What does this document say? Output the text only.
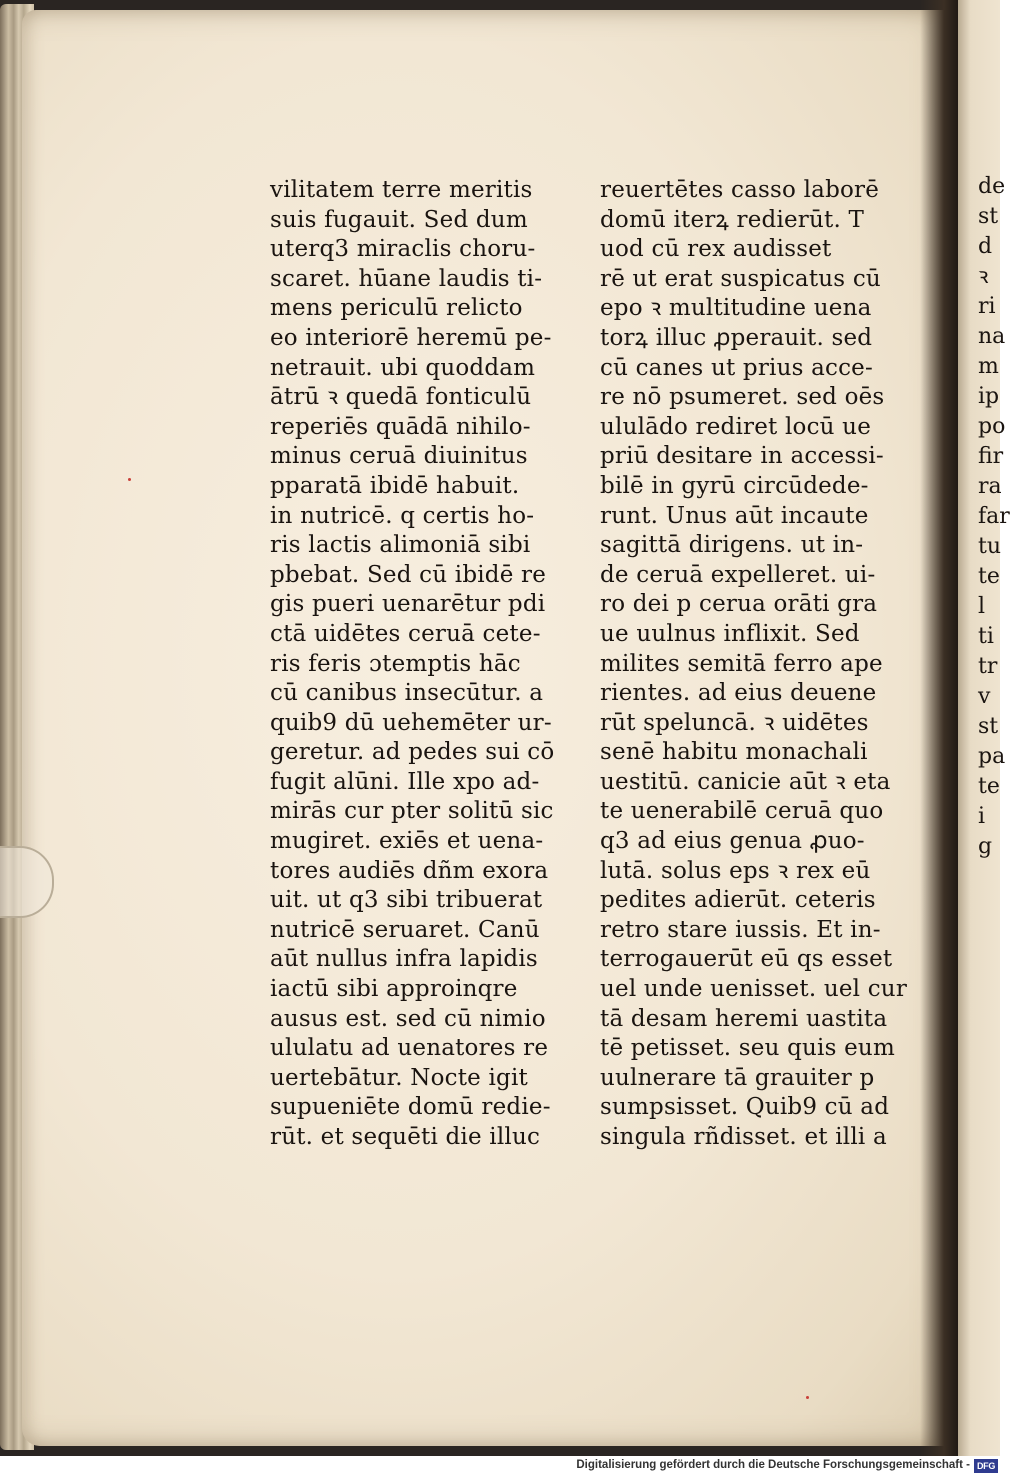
vilitatem terre meritis
suis fugauit. Sed dum
uterq3 miraclis choru-
scaret. hūane laudis ti-
mens periculū relicto
eo interiorē heremū pe-
netrauit. ubi quoddam
ātrū ꝛ quedā fonticulū
reperiēs quādā nihilo-
minus ceruā diuinitus
pparatā ibidē habuit.
in nutricē. q certis ho-
ris lactis alimoniā sibi
pbebat. Sed cū ibidē re
gis pueri uenarētur pdi
ctā uidētes ceruā cete-
ris feris ɔtemptis hāc
cū canibus insecūtur. a
quib9 dū uehemēter ur-
geretur. ad pedes sui cō
fugit alūni. Ille xpo ad-
mirās cur pter solitū sic
mugiret. exiēs et uena-
tores audiēs dñm exora
uit. ut q3 sibi tribuerat
nutricē seruaret. Canū
aūt nullus infra lapidis
iactū sibi approinqre
ausus est. sed cū nimio
ululatu ad uenatores re
uertebātur. Nocte igit
supueniēte domū redie-
rūt. et sequēti die illuc
reuertētes casso laborē
domū iterꝝ redierūt. T
uod cū rex audisset
rē ut erat suspicatus cū
epo ꝛ multitudine uena
torꝝ illuc ꝓperauit. sed
cū canes ut prius acce-
re nō psumeret. sed oēs
ululādo rediret locū ue
priū desitare in accessi-
bilē in gyrū circūdede-
runt. Unus aūt incaute
sagittā dirigens. ut in-
de ceruā expelleret. ui-
ro dei p cerua orāti gra
ue uulnus inflixit. Sed
milites semitā ferro ape
rientes. ad eius deuene
rūt speluncā. ꝛ uidētes
senē habitu monachali
uestitū. canicie aūt ꝛ eta
te uenerabilē ceruā quo
q3 ad eius genua ꝓuo-
lutā. solus eps ꝛ rex eū
pedites adierūt. ceteris
retro stare iussis. Et in-
terrogauerūt eū qs esset
uel unde uenisset. uel cur
tā desam heremi uastita
tē petisset. seu quis eum
uulnerare tā grauiter p
sumpsisset. Quib9 cū ad
singula rñdisset. et illi a
de
st
d
ꝛ
ri
na
m
ip
po
fir
ra
far
tu
te
l
ti
tr
v
st
pa
te
i
g
Digitalisierung gefördert durch die Deutsche Forschungsgemeinschaft - DFG
